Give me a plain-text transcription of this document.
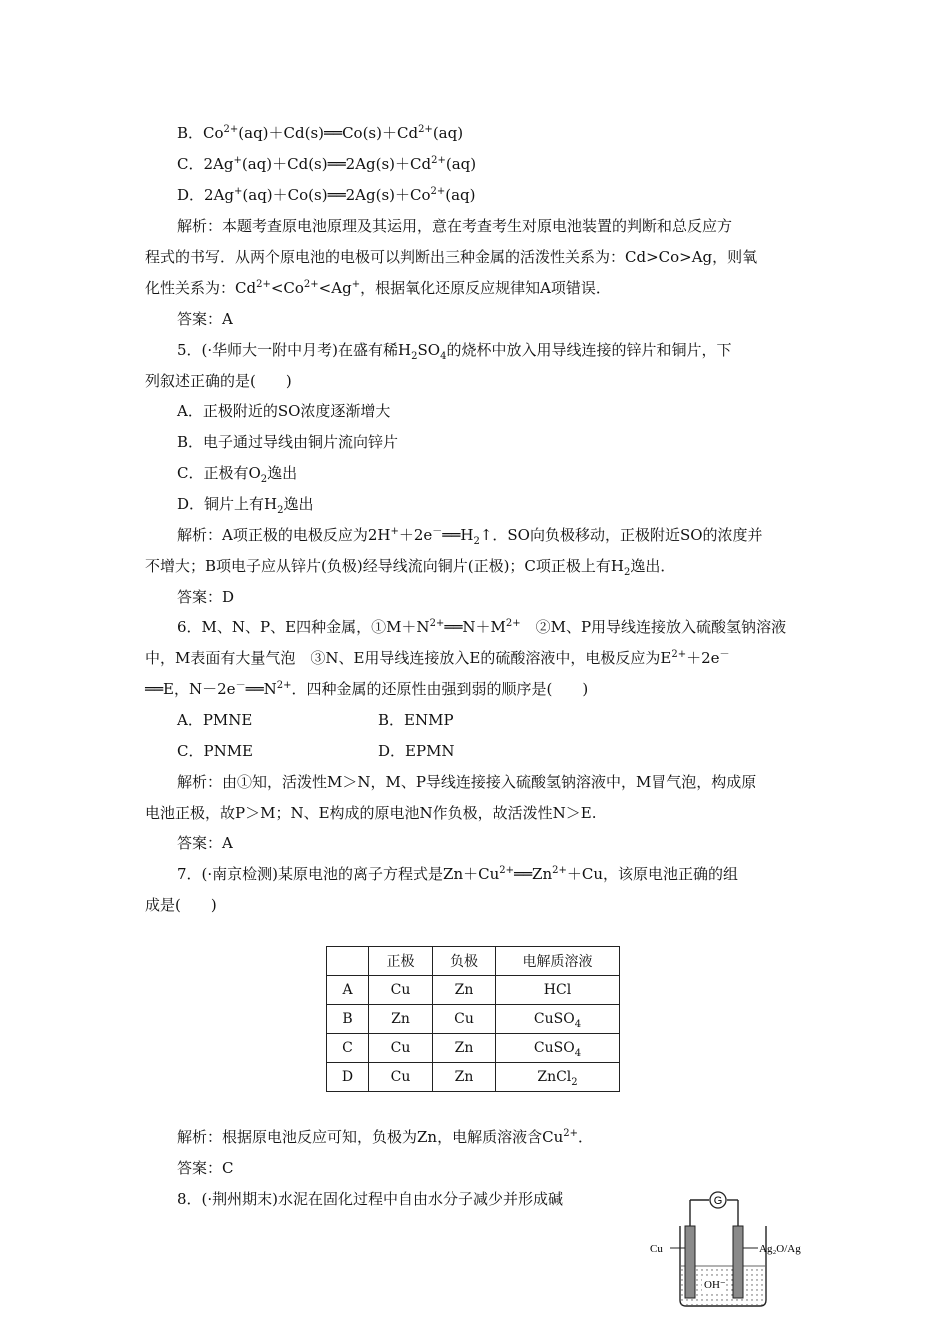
B．$Co^{2+}(aq)+Cd(s)══Co(s)+Cd^{2+}(aq)$
C．$2Ag^+(aq)+Cd(s)══2Ag(s)+Cd^{2+}(aq)$
D．$2Ag^+(aq)+Co(s)══2Ag(s)+Co^{2+}(aq)$
解析：本题考查原电池原理及其运用，意在考查考生对原电池装置的判断和总反应方
程式的书写．从两个原电池的电极可以判断出三种金属的活泼性关系为：Cd>Co>Ag，则氧
化性关系为：$Cd^{2+}<Co^{2+}<Ag^+$，根据氧化还原反应规律知A项错误．
答案：A
5．(·华师大一附中月考)在盛有稀$H_2SO_4$的烧杯中放入用导线连接的锌片和铜片，下
列叙述正确的是(　　)
A．正极附近的SO浓度逐渐增大
B．电子通过导线由铜片流向锌片
C．正极有$O_2$逸出
D．铜片上有$H_2$逸出
解析：A项正极的电极反应为$2H^++2e^-══H_2↑$．SO向负极移动，正极附近SO的浓度并
不增大；B项电子应从锌片(负极)经导线流向铜片(正极)；C项正极上有$H_2$逸出．
答案：D
6．M、N、P、E四种金属，$①M+N^{2+}══N+M^{2+}$　②M、P用导线连接放入硫酸氢钠溶液
中，M表面有大量气泡　③N、E用导线连接放入E的硫酸溶液中，电极反应为$E^{2+}+2e^-$
══E，$N-2e^-══N^{2+}$．四种金属的还原性由强到弱的顺序是(　　)
A．PMNE	B．ENMP
C．PNME	D．EPMN
解析：由①知，活泼性M＞N，M、P导线连接接入硫酸氢钠溶液中，M冒气泡，构成原
电池正极，故P＞M；N、E构成的原电池N作负极，故活泼性N＞E.
答案：A
7．(·南京检测)某原电池的离子方程式是$Zn+Cu^{2+}══Zn^{2+}+Cu$，该原电池正确的组
成是(　　)
	正极	负极	电解质溶液
A	Cu	Zn	HCl
B	Zn	Cu	CuSO$_4$
C	Cu	Zn	CuSO$_4$
D	Cu	Zn	ZnCl$_2$
解析：根据原电池反应可知，负极为Zn，电解质溶液含$Cu^{2+}$．
答案：C
8．(·荆州期末)水泥在固化过程中自由水分子减少并形成碱	G
Cu	Ag₂O/Ag
OH⁻
